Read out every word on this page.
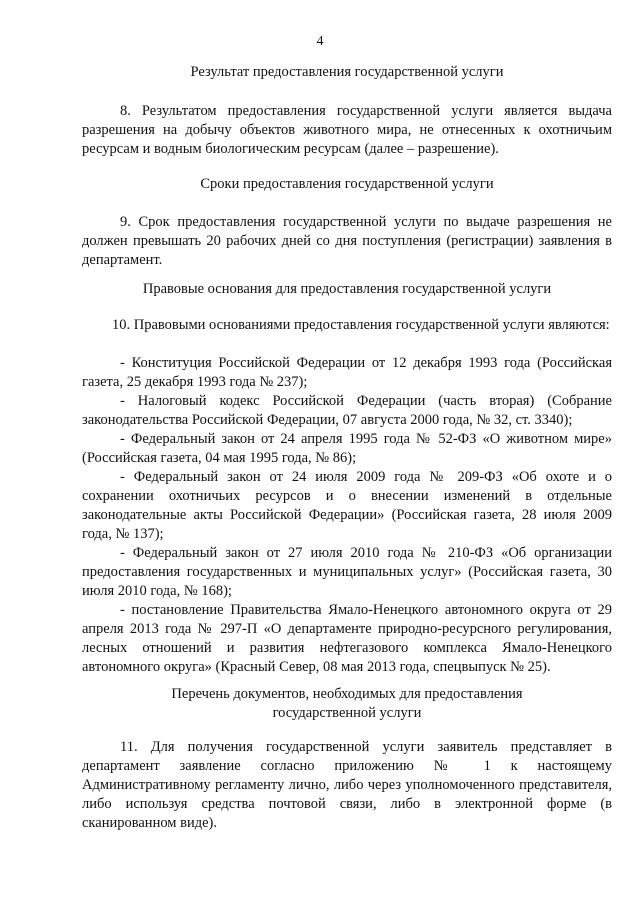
4
Результат предоставления государственной услуги
8. Результатом предоставления государственной услуги является выдача разрешения на добычу объектов животного мира, не отнесенных к охотничьим ресурсам и водным биологическим ресурсам (далее – разрешение).
Сроки предоставления государственной услуги
9. Срок предоставления государственной услуги по выдаче разрешения не должен превышать 20 рабочих дней со дня поступления (регистрации) заявления в департамент.
Правовые основания для предоставления государственной услуги
10. Правовыми основаниями предоставления государственной услуги являются:
- Конституция Российской Федерации от 12 декабря 1993 года (Российская газета, 25 декабря 1993 года № 237);
- Налоговый кодекс Российской Федерации (часть вторая) (Собрание законодательства Российской Федерации, 07 августа 2000 года, № 32, ст. 3340);
- Федеральный закон от 24 апреля 1995 года № 52-ФЗ «О животном мире» (Российская газета, 04 мая 1995 года, № 86);
- Федеральный закон от 24 июля 2009 года № 209-ФЗ «Об охоте и о сохранении охотничьих ресурсов и о внесении изменений в отдельные законодательные акты Российской Федерации» (Российская газета, 28 июля 2009 года, № 137);
- Федеральный закон от 27 июля 2010 года № 210-ФЗ «Об организации предоставления государственных и муниципальных услуг» (Российская газета, 30 июля 2010 года, № 168);
- постановление Правительства Ямало-Ненецкого автономного округа от 29 апреля 2013 года № 297-П «О департаменте природно-ресурсного регулирования, лесных отношений и развития нефтегазового комплекса Ямало-Ненецкого автономного округа» (Красный Север, 08 мая 2013 года, спецвыпуск № 25).
Перечень документов, необходимых для предоставления
государственной услуги
11. Для получения государственной услуги заявитель представляет в департамент заявление согласно приложению № 1 к настоящему Административному регламенту лично, либо через уполномоченного представителя, либо используя средства почтовой связи, либо в электронной форме (в сканированном виде).
